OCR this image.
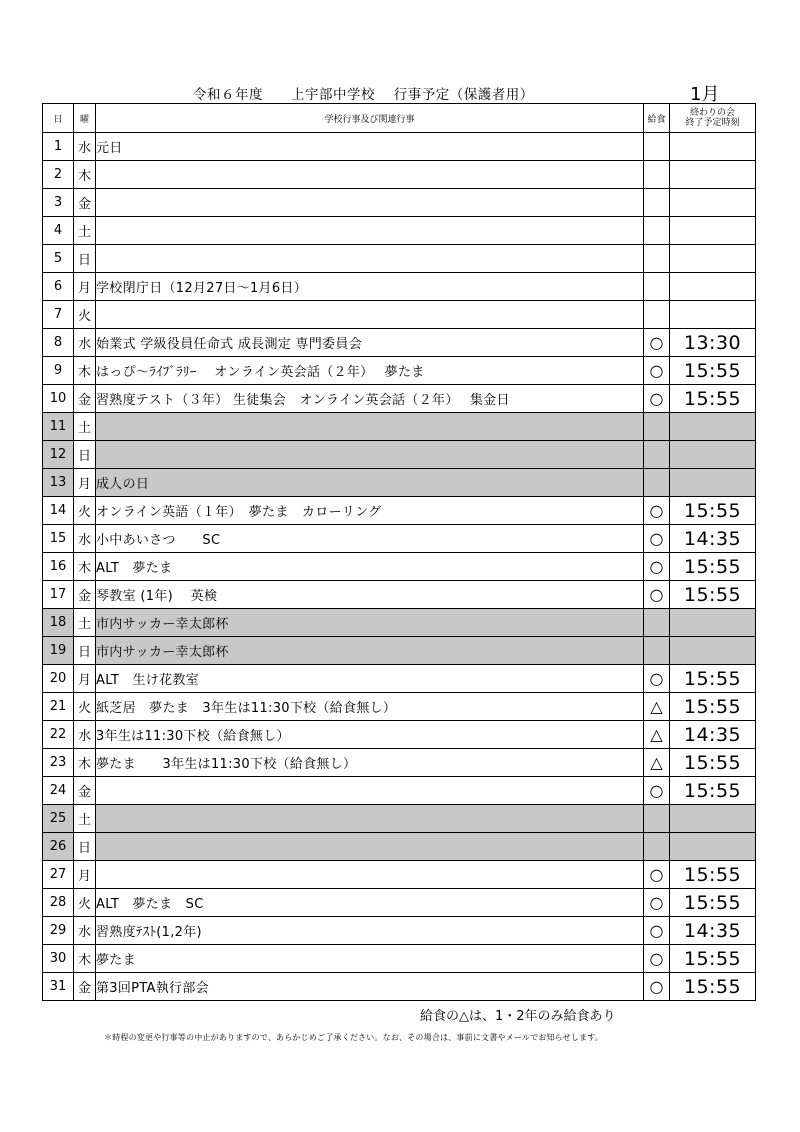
令和６年度　　上宇部中学校　 行事予定（保護者用）	1月
日	曜	学校行事及び関連行事	給食	終わりの会
終了予定時刻

1	水	元日		
2	木			
3	金			
4	土			
5	日			
6	月	学校閉庁日（12月27日～1月6日）		
7	火			
8	水	始業式 学級役員任命式 成長測定 専門委員会	○	13:30
9	木	はっぴ～ﾗｲﾌﾞﾗﾘｰ　 オンライン英会話（２年）　 夢たま	○	15:55
10	金	習熟度テスト（３年） 生徒集会　オンライン英会話（２年）　 集金日	○	15:55
11	土			
12	日			
13	月	成人の日		
14	火	オンライン英語（１年）　夢たま　カローリング	○	15:55
15	水	小中あいさつ　　SC	○	14:35
16	木	ALT　夢たま	○	15:55
17	金	琴教室 (1年)　 英検	○	15:55
18	土	市内サッカー幸太郎杯		
19	日	市内サッカー幸太郎杯		
20	月	ALT　生け花教室	○	15:55
21	火	紙芝居　夢たま　3年生は11:30下校（給食無し）	△	15:55
22	水	3年生は11:30下校（給食無し）	△	14:35
23	木	夢たま　　3年生は11:30下校（給食無し）	△	15:55
24	金		○	15:55
25	土			
26	日			
27	月		○	15:55
28	火	ALT　夢たま　SC	○	15:55
29	水	習熟度ﾃｽﾄ(1,2年)	○	14:35
30	木	夢たま	○	15:55
31	金	第3回PTA執行部会	○	15:55
給食の△は、1・2年のみ給食あり
＊時程の変更や行事等の中止がありますので、あらかじめご了承ください。なお、その場合は、事前に文書やメールでお知らせします。
